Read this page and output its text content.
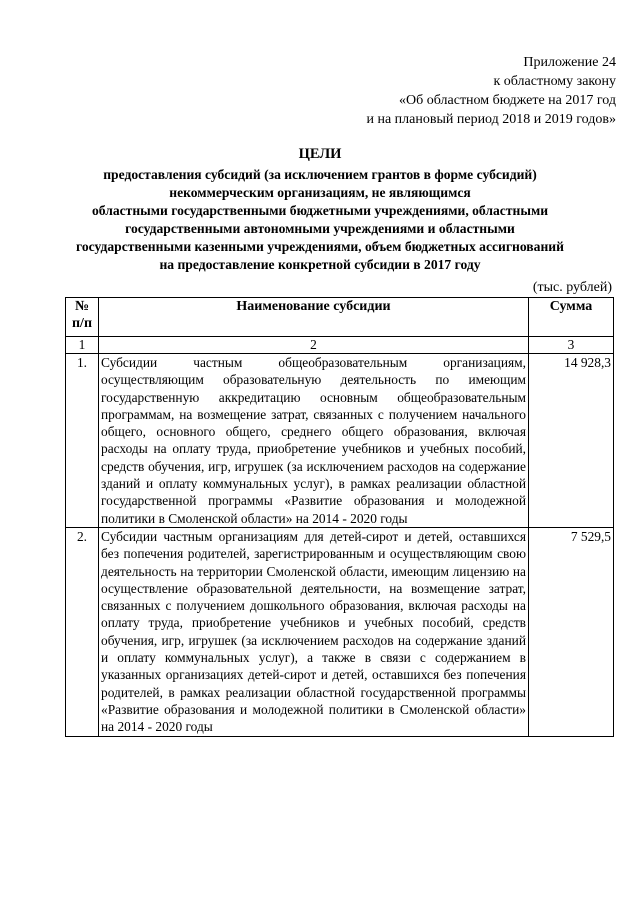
Приложение 24
к областному закону
«Об областном бюджете на 2017 год
и на плановый период 2018 и 2019 годов»
ЦЕЛИ
предоставления субсидий (за исключением грантов в форме субсидий)
некоммерческим организациям, не являющимся
областными государственными бюджетными учреждениями, областными
государственными автономными учреждениями и областными
государственными казенными учреждениями, объем бюджетных ассигнований
на предоставление конкретной субсидии в 2017 году
(тыс. рублей)
№ п/п	Наименование субсидии	Сумма
1	2	3
1.	Субсидии частным общеобразовательным организациям, осуществляющим образовательную деятельность по имеющим государственную аккредитацию основным общеобразовательным программам, на возмещение затрат, связанных с получением начального общего, основного общего, среднего общего образования, включая расходы на оплату труда, приобретение учебников и учебных пособий, средств обучения, игр, игрушек (за исключением расходов на содержание зданий и оплату коммунальных услуг), в рамках реализации областной государственной программы «Развитие образования и молодежной политики в Смоленской области» на 2014 - 2020 годы	14 928,3
2.	Субсидии частным организациям для детей-сирот и детей, оставшихся без попечения родителей, зарегистрированным и осуществляющим свою деятельность на территории Смоленской области, имеющим лицензию на осуществление образовательной деятельности, на возмещение затрат, связанных с получением дошкольного образования, включая расходы на оплату труда, приобретение учебников и учебных пособий, средств обучения, игр, игрушек (за исключением расходов на содержание зданий и оплату коммунальных услуг), а также в связи с содержанием в указанных организациях детей-сирот и детей, оставшихся без попечения родителей, в рамках реализации областной государственной программы «Развитие образования и молодежной политики в Смоленской области» на 2014 - 2020 годы	7 529,5
